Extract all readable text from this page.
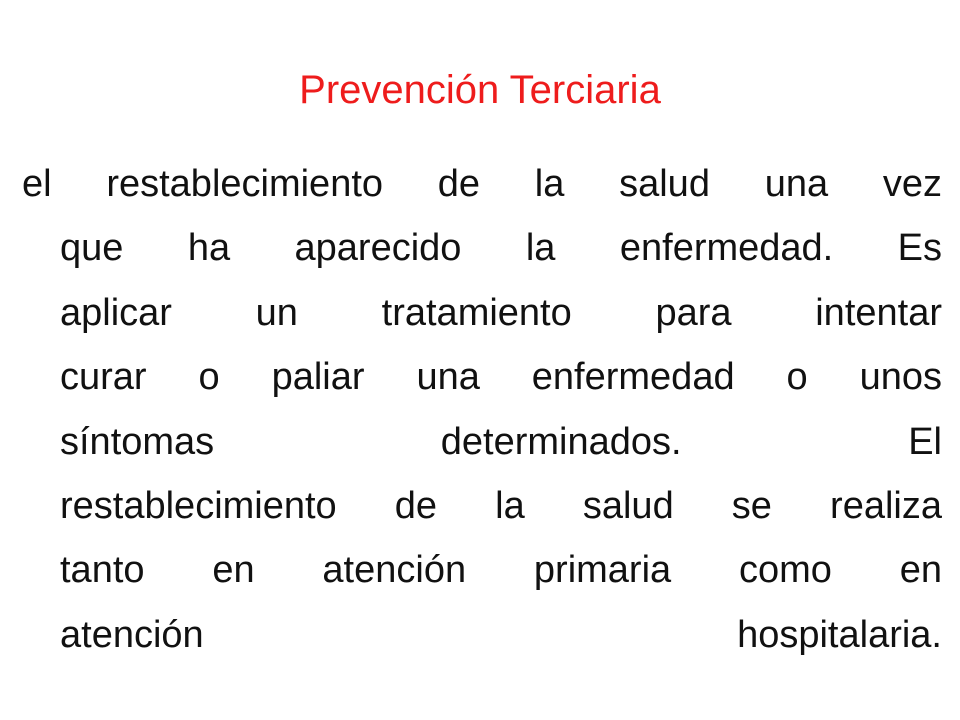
Prevención Terciaria
el restablecimiento de la salud una vez
que ha aparecido la enfermedad. Es
aplicar un tratamiento para intentar
curar o paliar una enfermedad o unos
síntomas determinados. El
restablecimiento de la salud se realiza
tanto en atención primaria como en
atención hospitalaria.
